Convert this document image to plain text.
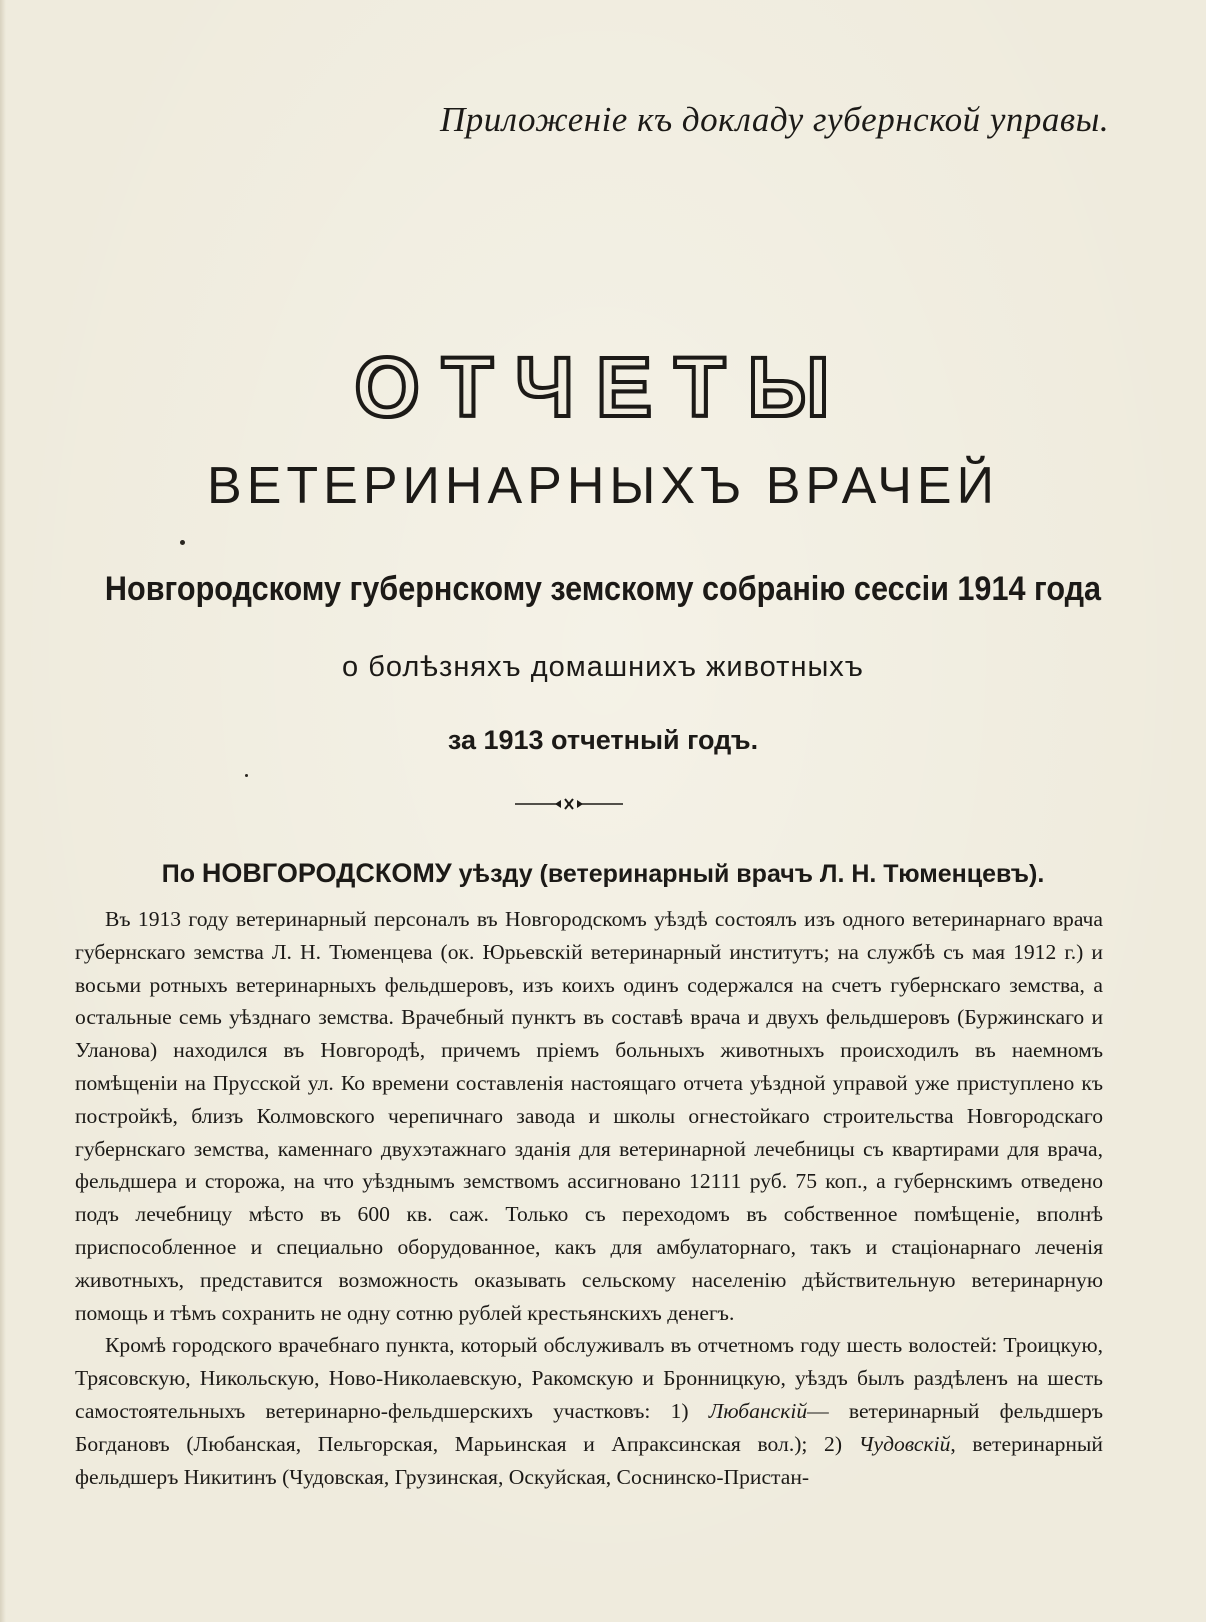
Приложенiе къ докладу губернской управы.
ОТЧЕТЫ
ВЕТЕРИНАРНЫХЪ ВРАЧЕЙ
Новгородскому губернскому земскому собранiю сессiи 1914 года
о болѣзняхъ домашнихъ животныхъ
за 1913 отчетный годъ.
По НОВГОРОДСКОМУ уѣзду (ветеринарный врачъ Л. Н. Тюменцевъ).

Въ 1913 году ветеринарный персоналъ въ Новгородскомъ уѣздѣ состоялъ изъ одного ветеринарнаго врача губернскаго земства Л. Н. Тюменцева (ок. Юрьевскiй ветеринарный институтъ; на службѣ съ мая 1912 г.) и восьми ротныхъ ветеринарныхъ фельдшеровъ, изъ коихъ одинъ содержался на счетъ губернскаго земства, а остальные семь уѣзднаго земства. Врачебный пунктъ въ составѣ врача и двухъ фельдшеровъ (Буржинскаго и Уланова) находился въ Новгородѣ, причемъ прiемъ больныхъ животныхъ происходилъ въ наемномъ помѣщенiи на Прусской ул. Ко времени составленiя настоящаго отчета уѣздной управой уже приступлено къ постройкѣ, близъ Колмовского черепичнаго завода и школы огнестойкаго строительства Новгородскаго губернскаго земства, каменнаго двухэтажнаго зданiя для ветеринарной лечебницы съ квартирами для врача, фельдшера и сторожа, на что уѣзднымъ земствомъ ассигновано 12111 руб. 75 коп., а губернскимъ отведено подъ лечебницу мѣсто въ 600 кв. саж. Только съ переходомъ въ собственное помѣщенiе, вполнѣ приспособленное и специально оборудованное, какъ для амбулаторнаго, такъ и стацiонарнаго леченiя животныхъ, представится возможность оказывать сельскому населенiю дѣйствительную ветеринарную помощь и тѣмъ сохранить не одну сотню рублей крестьянскихъ денегъ.

Кромѣ городского врачебнаго пункта, который обслуживалъ въ отчетномъ году шесть волостей: Троицкую, Трясовскую, Никольскую, Ново-Николаевскую, Ракомскую и Бронницкую, уѣздъ былъ раздѣленъ на шесть самостоятельныхъ ветеринарно-фельдшерскихъ участковъ: 1) Любанскiй— ветеринарный фельдшеръ Богдановъ (Любанская, Пельгорская, Марьинская и Апраксинская вол.); 2) Чудовскiй, ветеринарный фельдшеръ Никитинъ (Чудовская, Грузинская, Оскуйская, Соснинско-Пристан-
